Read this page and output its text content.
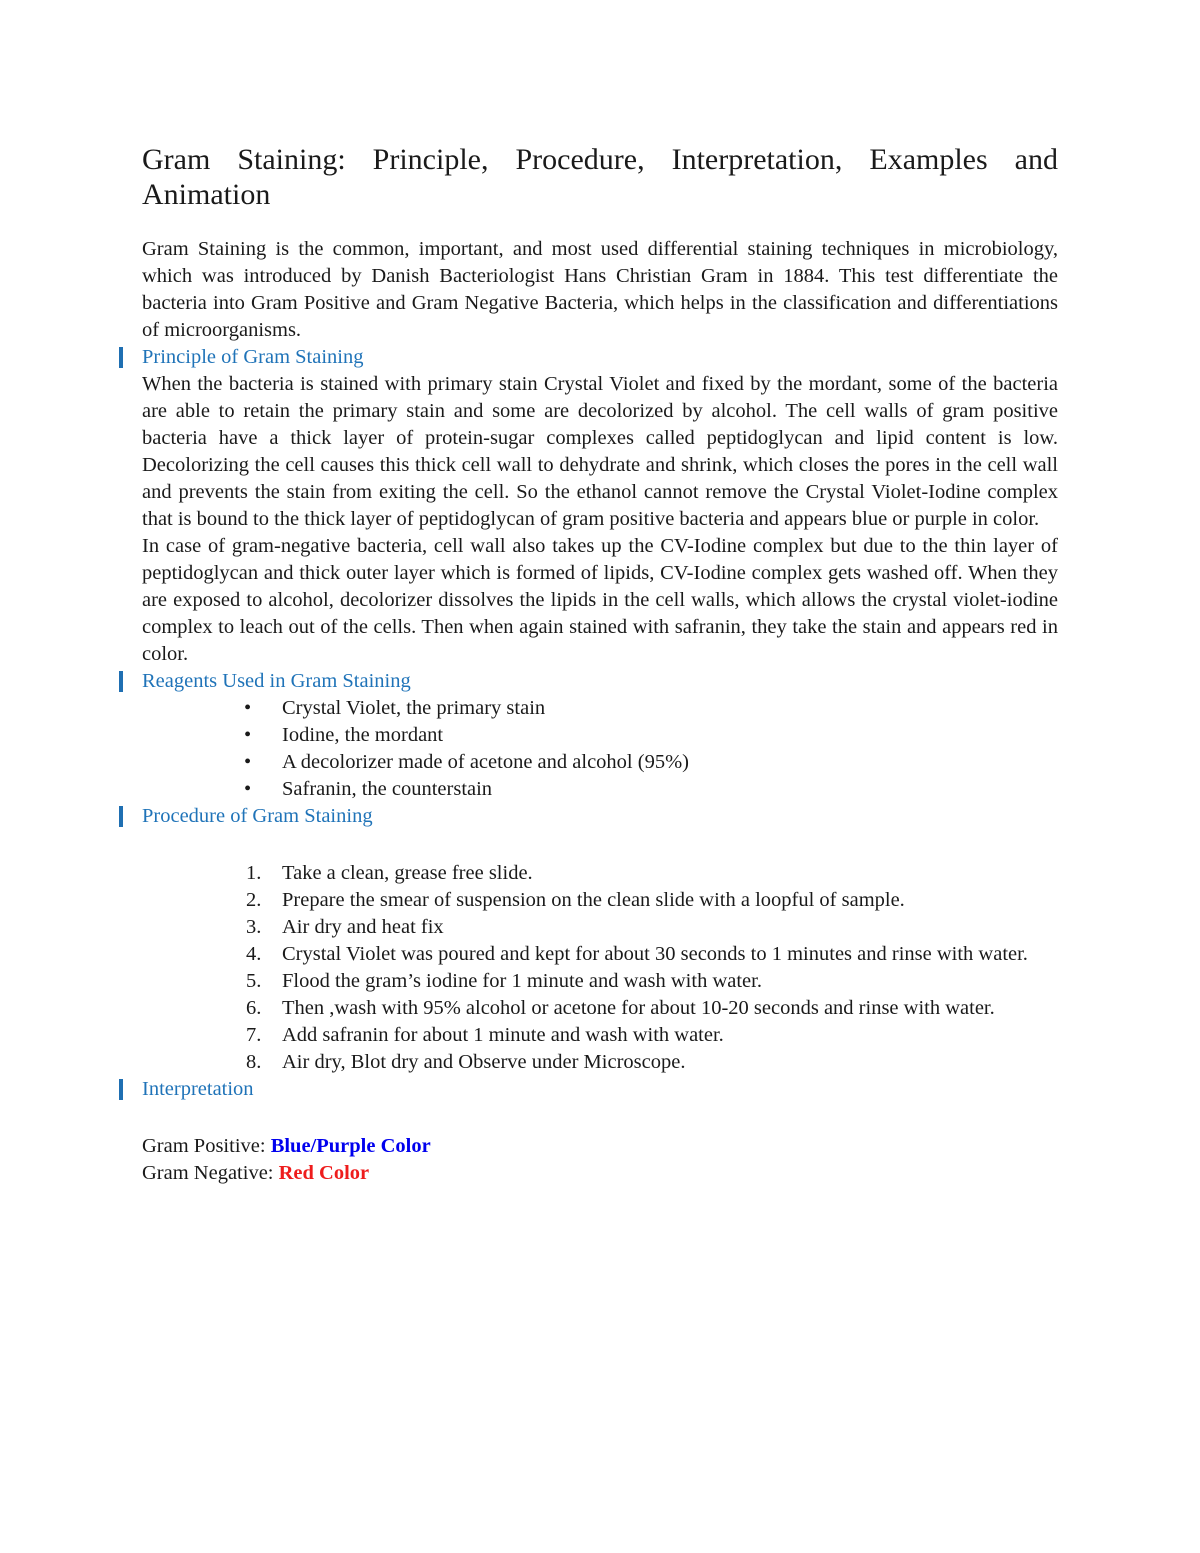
Gram Staining: Principle, Procedure, Interpretation, Examples and Animation

Gram Staining is the common, important, and most used differential staining techniques in microbiology, which was introduced by Danish Bacteriologist Hans Christian Gram in 1884. This test differentiate the bacteria into Gram Positive and Gram Negative Bacteria, which helps in the classification and differentiations of microorganisms.

Principle of Gram Staining

When the bacteria is stained with primary stain Crystal Violet and fixed by the mordant, some of the bacteria are able to retain the primary stain and some are decolorized by alcohol. The cell walls of gram positive bacteria have a thick layer of protein-sugar complexes called peptidoglycan and lipid content is low. Decolorizing the cell causes this thick cell wall to dehydrate and shrink, which closes the pores in the cell wall and prevents the stain from exiting the cell. So the ethanol cannot remove the Crystal Violet-Iodine complex that is bound to the thick layer of peptidoglycan of gram positive bacteria and appears blue or purple in color.

In case of gram-negative bacteria, cell wall also takes up the CV-Iodine complex but due to the thin layer of peptidoglycan and thick outer layer which is formed of lipids, CV-Iodine complex gets washed off. When they are exposed to alcohol, decolorizer dissolves the lipids in the cell walls, which allows the crystal violet-iodine complex to leach out of the cells. Then when again stained with safranin, they take the stain and appears red in color.

Reagents Used in Gram Staining
• Crystal Violet, the primary stain
• Iodine, the mordant
• A decolorizer made of acetone and alcohol (95%)
• Safranin, the counterstain
Procedure of Gram Staining
1. Take a clean, grease free slide.
2. Prepare the smear of suspension on the clean slide with a loopful of sample.
3. Air dry and heat fix
4. Crystal Violet was poured and kept for about 30 seconds to 1 minutes and rinse with water.
5. Flood the gram’s iodine for 1 minute and wash with water.
6. Then ,wash with 95% alcohol or acetone for about 10-20 seconds and rinse with water.
7. Add safranin for about 1 minute and wash with water.
8. Air dry, Blot dry and Observe under Microscope.
Interpretation

Gram Positive: Blue/Purple Color

Gram Negative: Red Color
